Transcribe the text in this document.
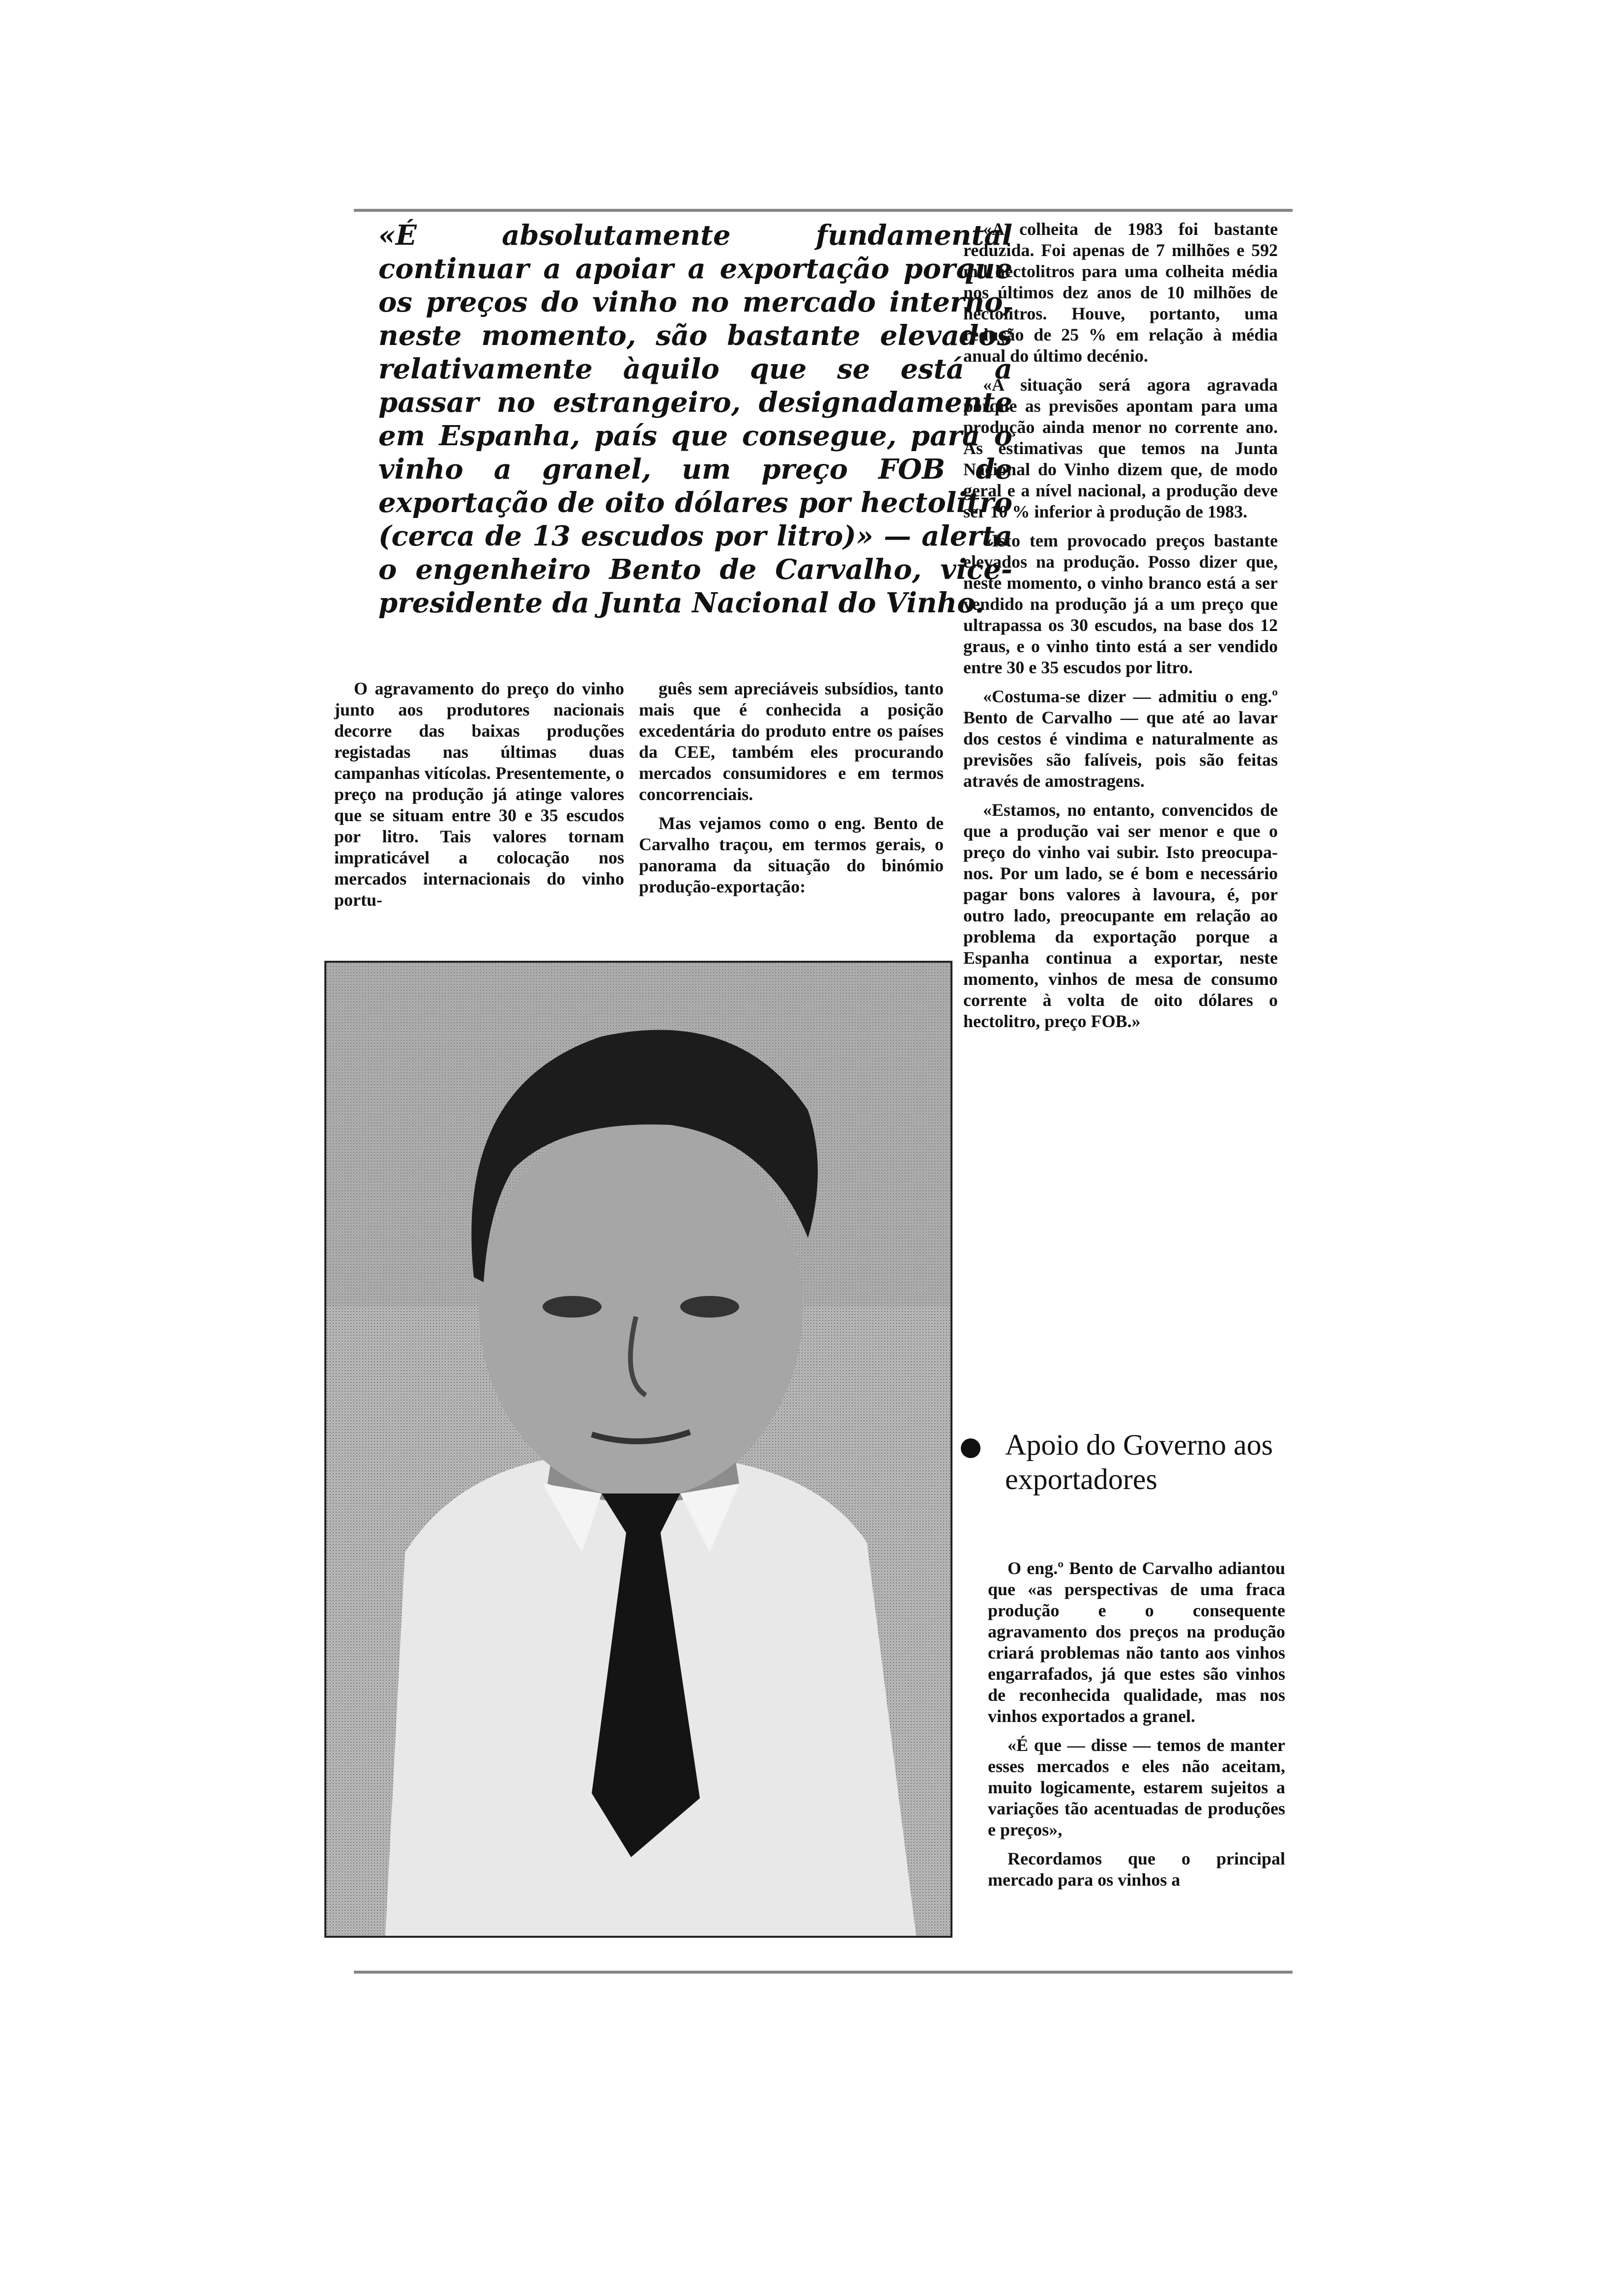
«É absolutamente fundamental continuar a apoiar a exportação porque os preços do vinho no mercado interno, neste momento, são bastante elevados relativamente àquilo que se está a passar no estrangeiro, designadamente em Espanha, país que consegue, para o vinho a granel, um preço FOB de exportação de oito dólares por hectolitro (cerca de 13 escudos por litro)» — alerta o engenheiro Bento de Carvalho, vice-presidente da Junta Nacional do Vinho.

O agravamento do preço do vinho junto aos produtores nacionais decorre das baixas produções registadas nas últimas duas campanhas vitícolas. Presentemente, o preço na produção já atinge valores que se situam entre 30 e 35 escudos por litro. Tais valores tornam impraticável a colocação nos mercados internacionais do vinho portu-

guês sem apreciáveis subsídios, tanto mais que é conhecida a posição excedentária do produto entre os países da CEE, também eles procurando mercados consumidores e em termos concorrenciais.

Mas vejamos como o eng. Bento de Carvalho traçou, em termos gerais, o panorama da situação do binómio produção-exportação:

«A colheita de 1983 foi bastante reduzida. Foi apenas de 7 milhões e 592 mil hectolitros para uma colheita média nos últimos dez anos de 10 milhões de hectolitros. Houve, portanto, uma redução de 25 % em relação à média anual do último decénio.

«A situação será agora agravada porque as previsões apontam para uma produção ainda menor no corrente ano. As estimativas que temos na Junta Nacional do Vinho dizem que, de modo geral e a nível nacional, a produção deve ser 10 % inferior à produção de 1983.

«Isto tem provocado preços bastante elevados na produção. Posso dizer que, neste momento, o vinho branco está a ser vendido na produção já a um preço que ultrapassa os 30 escudos, na base dos 12 graus, e o vinho tinto está a ser vendido entre 30 e 35 escudos por litro.

«Costuma-se dizer — admitiu o eng.º Bento de Carvalho — que até ao lavar dos cestos é vindima e naturalmente as previsões são falíveis, pois são feitas através de amostragens.

«Estamos, no entanto, convencidos de que a produção vai ser menor e que o preço do vinho vai subir. Isto preocupa-nos. Por um lado, se é bom e necessário pagar bons valores à lavoura, é, por outro lado, preocupante em relação ao problema da exportação porque a Espanha continua a exportar, neste momento, vinhos de mesa de consumo corrente à volta de oito dólares o hectolitro, preço FOB.»

Apoio do Governo aos exportadores

O eng.º Bento de Carvalho adiantou que «as perspectivas de uma fraca produção e o consequente agravamento dos preços na produção criará problemas não tanto aos vinhos engarrafados, já que estes são vinhos de reconhecida qualidade, mas nos vinhos exportados a granel.

«É que — disse — temos de manter esses mercados e eles não aceitam, muito logicamente, estarem sujeitos a variações tão acentuadas de produções e preços»,

Recordamos que o principal mercado para os vinhos a
